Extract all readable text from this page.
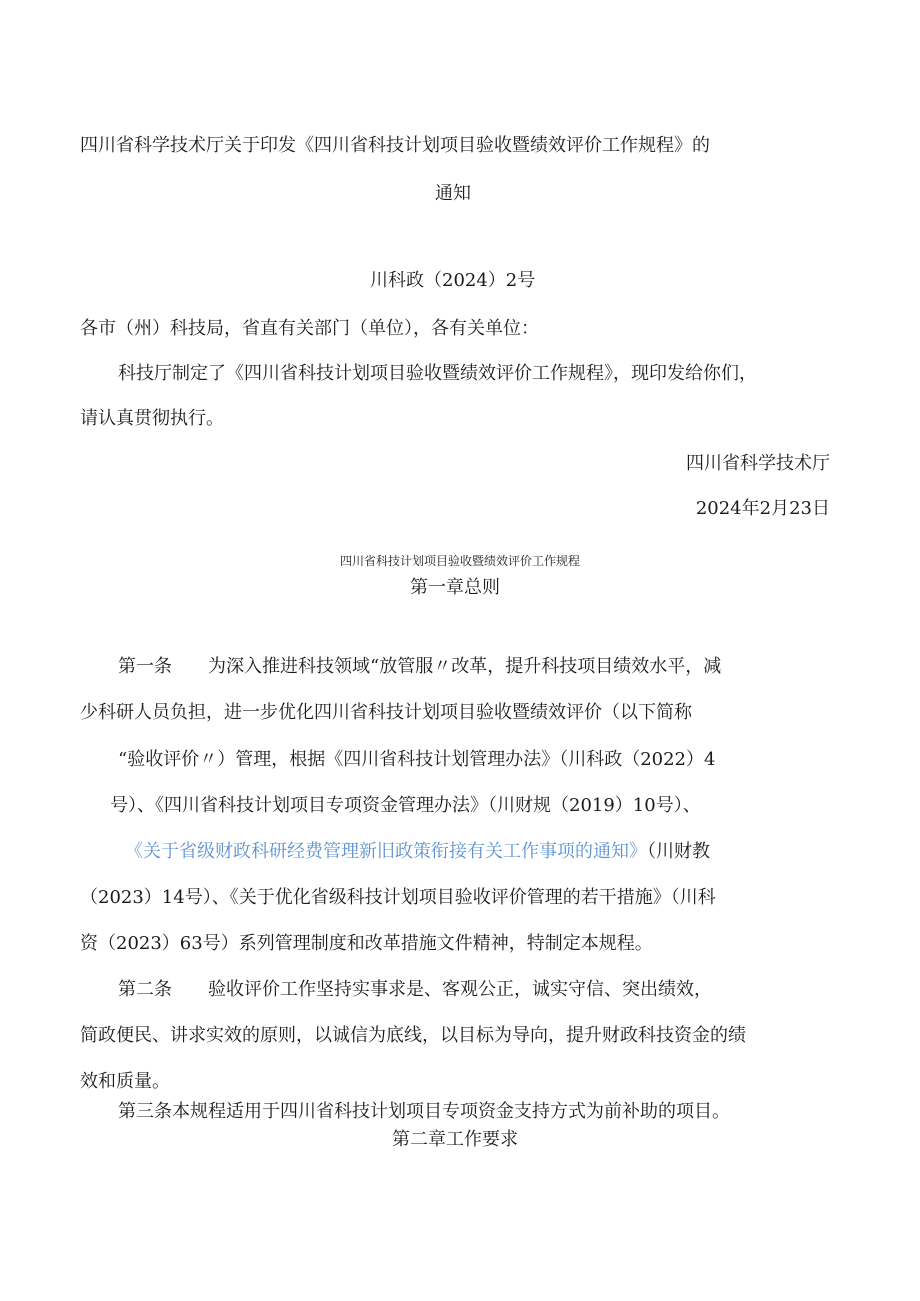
四川省科学技术厅关于印发《四川省科技计划项目验收暨绩效评价工作规程》的

通知

川科政（2024）2号

各市（州）科技局，省直有关部门（单位），各有关单位：

科技厅制定了《四川省科技计划项目验收暨绩效评价工作规程》，现印发给你们，

请认真贯彻执行。

四川省科学技术厅

2024年2月23日

四川省科技计划项目验收暨绩效评价工作规程

第一章总则

第一条 为深入推进科技领域“放管服〃改革，提升科技项目绩效水平，减

少科研人员负担，进一步优化四川省科技计划项目验收暨绩效评价（以下简称

“验收评价〃）管理，根据《四川省科技计划管理办法》（川科政（2022）4

号）、《四川省科技计划项目专项资金管理办法》（川财规（2019）10号）、

《关于省级财政科研经费管理新旧政策衔接有关工作事项的通知》（川财教

（2023）14号）、《关于优化省级科技计划项目验收评价管理的若干措施》（川科

资（2023）63号）系列管理制度和改革措施文件精神，特制定本规程。

第二条 验收评价工作坚持实事求是、客观公正，诚实守信、突出绩效，

简政便民、讲求实效的原则，以诚信为底线，以目标为导向，提升财政科技资金的绩

效和质量。

第三条本规程适用于四川省科技计划项目专项资金支持方式为前补助的项目。

第二章工作要求
